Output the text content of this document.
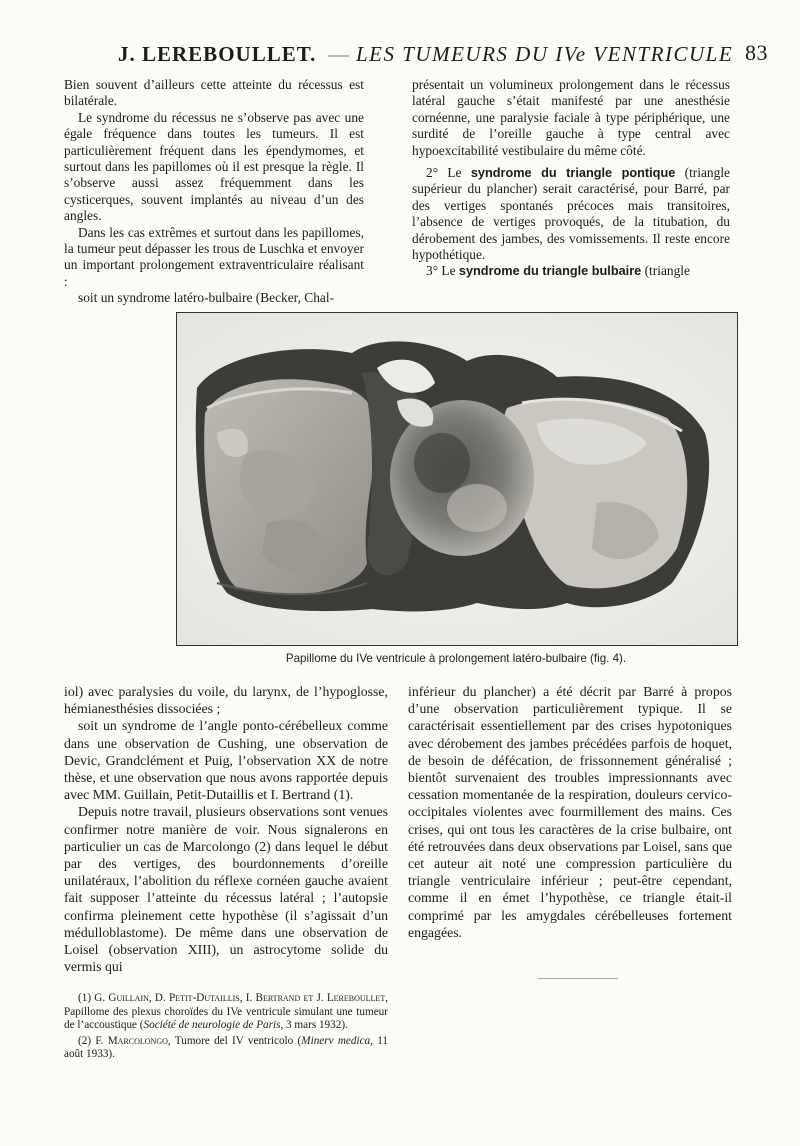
J. LEREBOULLET. — LES TUMEURS DU IVe VENTRICULE 83

Bien souvent d’ailleurs cette atteinte du récessus est bilatérale.

Le syndrome du récessus ne s’observe pas avec une égale fréquence dans toutes les tumeurs. Il est particulièrement fréquent dans les épendymomes, et surtout dans les papillomes où il est presque la règle. Il s’observe aussi assez fréquemment dans les cysticerques, souvent implantés au niveau d’un des angles.

Dans les cas extrêmes et surtout dans les papillomes, la tumeur peut dépasser les trous de Luschka et envoyer un important prolongement extraventriculaire réalisant :

soit un syndrome latéro-bulbaire (Becker, Chal-

présentait un volumineux prolongement dans le récessus latéral gauche s’était manifesté par une anesthésie cornéenne, une paralysie faciale à type périphérique, une surdité de l’oreille gauche à type central avec hypoexcitabilité vestibulaire du même côté.

2° Le syndrome du triangle pontique (triangle supérieur du plancher) serait caractérisé, pour Barré, par des vertiges spontanés précoces mais transitoires, l’absence de vertiges provoqués, de la titubation, du dérobement des jambes, des vomissements. Il reste encore hypothétique.

3° Le syndrome du triangle bulbaire (triangle

Papillome du IVe ventricule à prolongement latéro-bulbaire (fig. 4).

iol) avec paralysies du voile, du larynx, de l’hypoglosse, hémianesthésies dissociées ;

soit un syndrome de l’angle ponto-cérébelleux comme dans une observation de Cushing, une observation de Devic, Grandclément et Puig, l’observation XX de notre thèse, et une observation que nous avons rapportée depuis avec MM. Guillain, Petit-Dutaillis et I. Bertrand (1).

Depuis notre travail, plusieurs observations sont venues confirmer notre manière de voir. Nous signalerons en particulier un cas de Marcolongo (2) dans lequel le début par des vertiges, des bourdonnements d’oreille unilatéraux, l’abolition du réflexe cornéen gauche avaient fait supposer l’atteinte du récessus latéral ; l’autopsie confirma pleinement cette hypothèse (il s’agissait d’un médulloblastome). De même dans une observation de Loisel (observation XIII), un astrocytome solide du vermis qui

inférieur du plancher) a été décrit par Barré à propos d’une observation particulièrement typique. Il se caractérisait essentiellement par des crises hypotoniques avec dérobement des jambes précédées parfois de hoquet, de besoin de défécation, de frissonnement généralisé ; bientôt survenaient des troubles impressionnants avec cessation momentanée de la respiration, douleurs cervico-occipitales violentes avec fourmillement des mains. Ces crises, qui ont tous les caractères de la crise bulbaire, ont été retrouvées dans deux observations par Loisel, sans que cet auteur ait noté une compression particulière du triangle ventriculaire inférieur ; peut-être cependant, comme il en émet l’hypothèse, ce triangle était-il comprimé par les amygdales cérébelleuses fortement engagées.

(1) G. Guillain, D. Petit-Dutaillis, I. Bertrand et J. Lereboullet, Papillome des plexus choroïdes du IVe ventricule simulant une tumeur de l’accoustique (Société de neurologie de Paris, 3 mars 1932).

(2) F. Marcolongo, Tumore del IV ventricolo (Minerv medica, 11 août 1933).
